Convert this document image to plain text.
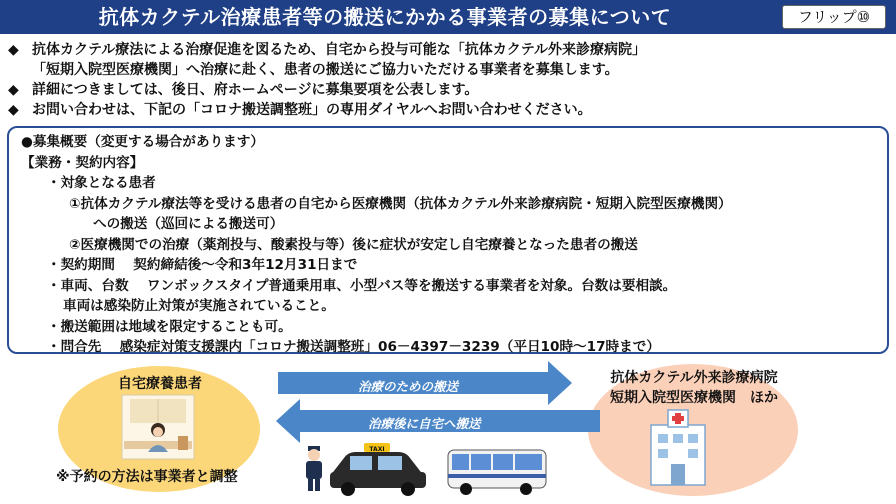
抗体カクテル治療患者等の搬送にかかる事業者の募集について	フリップ⑩
◆ 抗体カクテル療法による治療促進を図るため、自宅から投与可能な「抗体カクテル外来診療病院」
「短期入院型医療機関」へ治療に赴く、患者の搬送にご協力いただける事業者を募集します。
◆ 詳細につきましては、後日、府ホームページに募集要項を公表します。
◆ お問い合わせは、下記の「コロナ搬送調整班」の専用ダイヤルへお問い合わせください。
●募集概要（変更する場合があります）
【業務・契約内容】
・対象となる患者
①抗体カクテル療法等を受ける患者の自宅から医療機関（抗体カクテル外来診療病院・短期入院型医療機関）
への搬送（巡回による搬送可）
②医療機関での治療（薬剤投与、酸素投与等）後に症状が安定し自宅療養となった患者の搬送
・契約期間　 契約締結後～令和3年12月31日まで
・車両、台数　 ワンボックスタイプ普通乗用車、小型バス等を搬送する事業者を対象。台数は要相談。
車両は感染防止対策が実施されていること。
・搬送範囲は地域を限定することも可。
・問合先　 感染症対策支援課内「コロナ搬送調整班」06－4397－3239（平日10時～17時まで）
TAXI
治療のための搬送
治療後に自宅へ搬送
自宅療養患者
※予約の方法は事業者と調整
抗体カクテル外来診療病院
短期入院型医療機関　ほか
